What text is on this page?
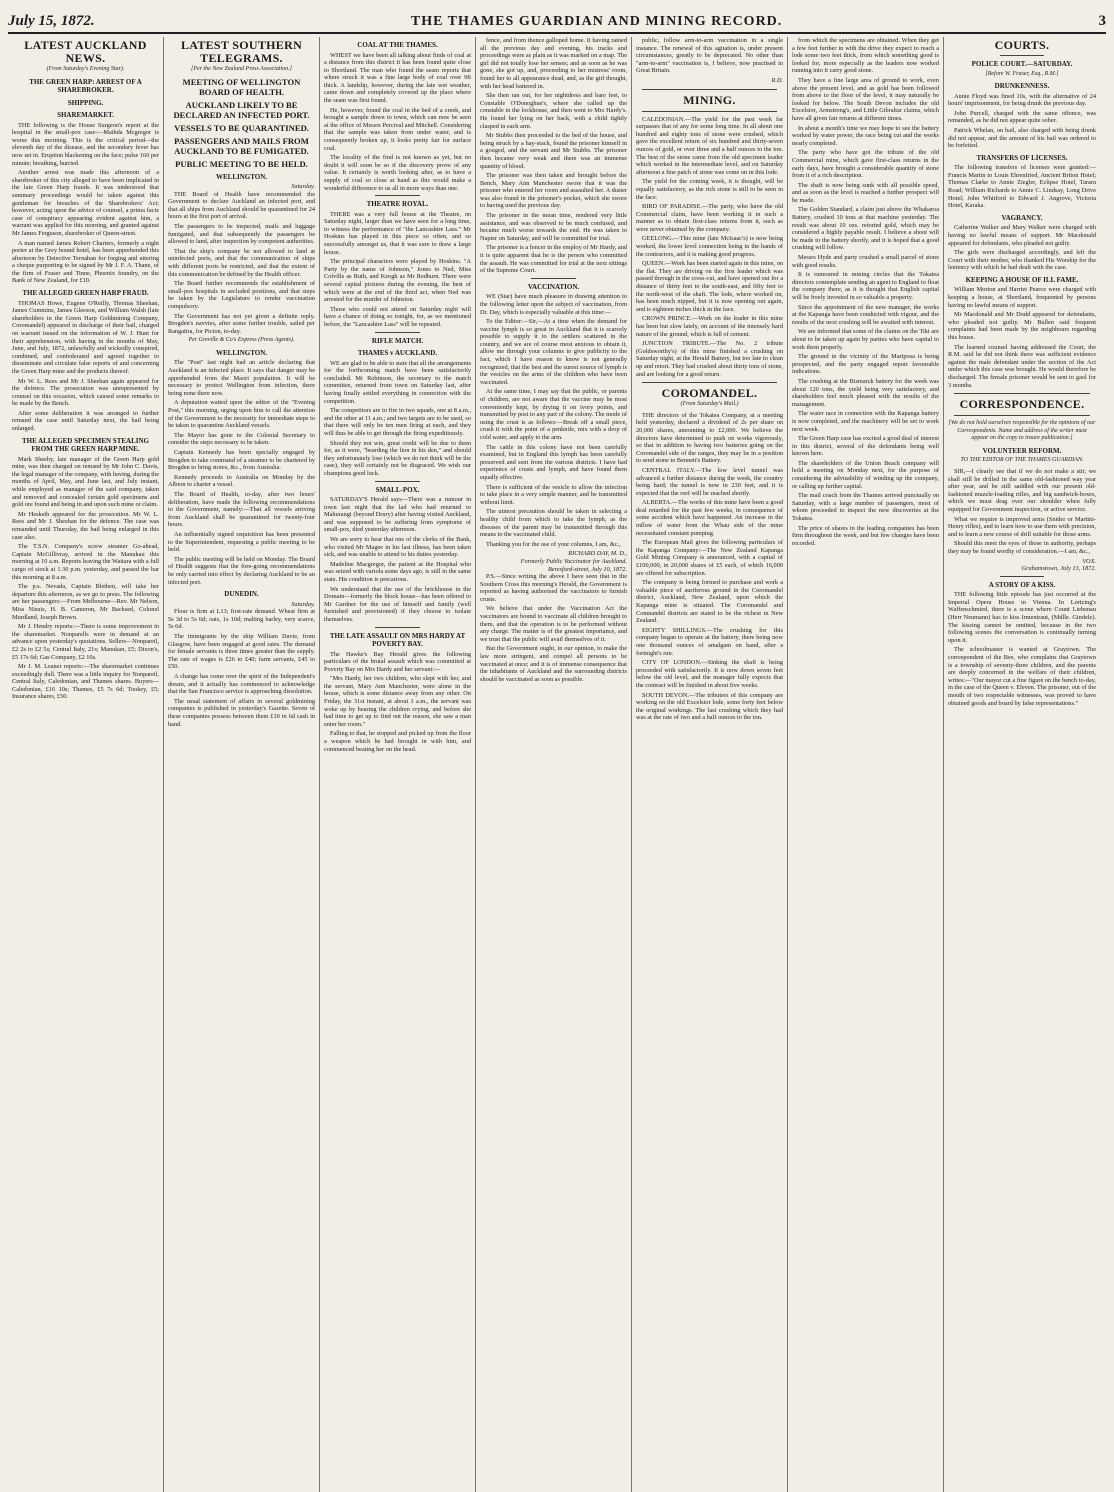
July 15, 1872.	THE THAMES GUARDIAN AND MINING RECORD.	3
LATEST AUCKLAND NEWS.
(From Saturday's Evening Star).
THE GREEN HARP: ARREST OF A SHAREBROKER.
SHIPPING.
SHAREMARKET.

THE following is the House Surgeon's report at the hospital in the small-pox case:—Mathda Mcgregor is worse this morning. This is the critical period—the eleventh day of the disease, and the secondary fever has now set in. Eruption blackening on the face; pulse 160 per minute; breathing, hurried.

Another arrest was made this afternoon of a sharebroker of this city alleged to have been implicated in the late Green Harp frauds. It was understood that summary proceedings would be taken against this gentleman for breaches of the Sharebrokers' Act; however, acting upon the advice of counsel, a prima facie case of conspiracy appearing evident against him, a warrant was applied for this morning, and granted against Mr James Ferguson, sharebroker of Queen-street.

A man named James Robert Charters, formerly a night porter at the Grey hound hotel, has been apprehended this afternoon by Detective Ternahan for forging and uttering a cheque purporting to be signed by Mr J. F. A. Thane, of the firm of Fraser and Tinne, Phoenix foundry, on the Bank of New Zealand, for £10.

THE ALLEGED GREEN HARP FRAUD.

THOMAS Howe, Eugene O'Reilly, Thomas Sheehan, James Cummins, James Gleeson, and William Walsh (late shareholders in the Green Harp Goldmining Company, Coromandel) appeared in discharge of their bail, charged on warrant issued on the information of W. J. Hunt for their apprehension, with having in the months of May, June, and July, 1872, unlawfully and wickedly conspired, combined, and confederated and agreed together to disseminate and circulate false reports of and concerning the Green Harp mine and the products thereof.

Mr W. L. Rees and Mr J. Sheehan again appeared for the defence. The prosecution was unrepresented by counsel on this occasion, which caused some remarks to be made by the Bench.

After some deliberation it was arranged to further remand the case until Saturday next, the bail being enlarged.

THE ALLEGED SPECIMEN STEALING FROM THE GREEN HARP MINE.

Mark Sheehy, late manager of the Green Harp gold mine, was then charged on remand by Mr John C. Davis, the legal manager of the company, with having, during the months of April, May, and June last, and July instant, while employed as manager of the said company, taken and removed and concealed certain gold specimens and gold ore found and being in and upon such mine or claim.

Mr Hesketh appeared for the prosecution. Mr W. L. Rees and Mr J. Sheehan for the defence. The case was remanded until Thursday, the bail being enlarged in this case also.

The T.S.N. Company's screw steamer Go-ahead, Captain McGillivray, arrived in the Manukau this morning at 10 a.m. Reports leaving the Waitara with a full cargo of stock at 1.30 p.m. yesterday, and passed the bar this morning at 8 a.m.

The p.s. Nevada, Captain Blethen, will take her departure this afternoon, as we go to press. The following are her passengers:—From Melbourne—Rev. Mr Nelson, Miss Nisuis, H. B. Cameron, Mr Backsed, Colonel Murdland, Joseph Brown.

Mr J. Hendry reports:—There is some improvement in the sharemarket. Nonparells were in demand at an advance upon yesterday's quotations. Sellers—Nonpareil, £2 2s to £2 5s; Central Italy, 21s; Manukan, £5; Dixon's, £5 17s 6d; Gas Company, £2 10s.

Mr J. M. Leaner reports:—The sharemarket continues exceedingly dull. There was a little inquiry for Nonpareil, Central Italy, Caledonian, and Thames shares. Buyers—Caledonian, £16 10s; Thames, £5 7s 6d; Tookey, £5; Insurance shares, £50.

LATEST SOUTHERN TELEGRAMS.
[Per the New Zealand Press Association.]
MEETING OF WELLINGTON BOARD OF HEALTH.
AUCKLAND LIKELY TO BE DECLARED AN INFECTED PORT.
VESSELS TO BE QUARANTINED.
PASSENGERS AND MAILS FROM AUCKLAND TO BE FUMIGATED.
PUBLIC MEETING TO BE HELD.
WELLINGTON.
Saturday.

THE Board of Health have recommended the Government to declare Auckland an infected port, and that all ships from Auckland should be quarantined for 24 hours at the first port of arrival.

The passengers to be inspected, mails and luggage fumigated, and that subsequently the passengers be allowed to land, after inspection by competent authorities.

That the ship's company be not allowed to land at uninfected ports, and that the communication of ships with different ports be restricted, and that the extent of this communication be defined by the Health officer.

The Board further recommends the establishment of small-pox hospitals in secluded positions, and that steps be taken by the Legislature to render vaccination compulsory.

The Government has not yet given a definite reply. Brogden's navvies, after some further trouble, sailed per Rangatira, for Picton, to-day.

Per Greville & Co's Express (Press Agents).
WELLINGTON.

The "Post" last night had an article declaring that Auckland is an infected place. It says that danger may be apprehended from the Maori population. It will be necessary to protect Wellington from infection, there being none there now.

A deputation waited upon the editor of the "Evening Post," this morning, urging upon him to call the attention of the Government to the necessity for immediate steps to be taken to quarantine Auckland vessels.

The Mayor has gone to the Colonial Secretary to consider the steps necessary to be taken.

Captain Kennedy has been specially engaged by Brogden to take command of a steamer to be chartered by Brogden to bring stores, &c., from Australia.

Kennedy proceeds to Australia on Monday by the Albion to charter a vessel.

The Board of Health, to-day, after two hours' deliberation, have made the following recommendations to the Government, namely:—That all vessels arriving from Auckland shall be quarantined for twenty-four hours.

An influentially signed requisition has been presented to the Superintendent, requesting a public meeting to be held.

The public meeting will be held on Monday. The Board of Health suggests that the fore-going recommendations be only carried into effect by declaring Auckland to be an infected port.

DUNEDIN.
Saturday.

Flour is firm at L13; first-rate demand. Wheat firm at 5s 3d to 5s 6d; oats, 1s 10d; malting barley, very scarce, 5s 6d.

The immigrants by the ship William Davie, from Glasgow, have been engaged at good rates. The demand for female servants is three times greater than the supply. The rate of wages is £26 to £40; farm servants, £45 to £50.

A change has come over the spirit of the Independent's dream, and it actually has commenced to acknowledge that the San Francisco service is approaching dissolution.

The usual statement of affairs in several goldmining companies is published in yesterday's Gazette. Seven of these companies possess between them £10 in 6d cash in hand.

COAL AT THE THAMES.

WHEST we have been all talking about finds of coal at a distance from this district it has been found quite close to Shortland. The man who found the seam reports that where struck it was a fine large body of coal over 9ft thick. A landslip, however, during the late wet weather, came down and completely covered up the place where the seam was first found.

He, however, found the coal in the bed of a creek, and brought a sample down to town, which can now be seen at the office of Messrs Percival and Mitchell. Considering that the sample was taken from under water, and is consequently broken up, it looks pretty fair for surface coal.

The locality of the find is not known as yet, but no doubt it will soon be so if the discovery prove of any value. It certainly is worth looking after, as to have a supply of coal so close at hand as this would make a wonderful difference to us all in more ways than one.

THEATRE ROYAL.

THERE was a very full house at the Theatre, on Saturday night, larger than we have seen for a long time, to witness the performance of "the Lancashire Lass." Mr Hoskins has played in this piece so often, and so successfully amongst us, that it was sure to draw a large house.

The principal characters were played by Hoskins. "A Party by the name of Johnson," Jones to Ned, Miss Colville as Ruth, and Keogh as Mr Redburn. There were several capital pictures during the evening, the best of which were at the end of the third act, when Ned was arrested for the murder of Johnston.

Those who could not attend on Saturday night will have a chance of doing so tonight, for, as we mentioned before, the "Lancashire Lass" will be repeated.

RIFLE MATCH.
THAMES v AUCKLAND.

WE are glad to be able to state that all the arrangements for the forthcoming match have been satisfactorily concluded. Mr Robinson, the secretary to the match committee, returned from town on Saturday last, after having finally settled everything in connection with the competition.

The competitors are to fire in two squads, one at 8 a.m., and the other at 11 a.m.; and two targets are to be used, so that there will only be ten men firing at each, and they will thus be able to get through the firing expeditiously.

Should they not win, great credit will be due to them for, as it were, "bearding the lion in his den," and should they unfortunately lose (which we do not think will be the case), they will certainly not be disgraced. We wish our champions good luck.

SMALL-POX.

SATURDAY'S Herald says—There was a rumour in town last night that the lad who had returned to Mahurangi (beyond Drury) after having visited Auckland, and was supposed to be suffering from symptoms of small-pox, died yesterday afternoon.

We are sorry to hear that one of the clerks of the Bank, who visited Mr Magee in his last illness, has been taken sick, and was unable to attend to his duties yesterday.

Madeline Macgregor, the patient at the Hospital who was seized with variola some days ago, is still in the same state. His condition is precarious.

We understand that the use of the brickhouse in the Domain—formerly the block house—has been offered to Mr Gardner for the use of himself and family (well furnished and provisioned) if they choose to isolate themselves.

THE LATE ASSAULT ON MRS HARDY AT POVERTY BAY.

The Hawke's Bay Herald gives the following particulars of the brutal assault which was committed at Poverty Bay on Mrs Hardy and her servant:—

"Mrs Hardy, her two children, who slept with her, and the servant, Mary Ann Manchester, were alone in the house, which is some distance away from any other. On Friday, the 31st instant, at about 1 a.m., the servant was woke up by hearing the children crying, and before she had time to get up to find out the reason, she saw a man enter her room."

Falling to that, he stopped and picked up from the floor a weapon which he had brought in with him, and commenced beating her on the head.

fence, and from thence galloped home. It having rained all the previous day and evening, his tracks and proceedings were as plain as it was marked on a map. The girl did not totally lose her senses; and as soon as he was gone, she got up, and, proceeding to her mistress' room, found her to all appearance dead, and, as the girl thought, with her head battered in.

She then ran out, for her nightdress and bare feet, to Constable O'Donoghue's, where she called up the constable in the lockhouse, and then went to Mrs Hardy's. He found her lying on her back, with a child tightly clasped in each arm.

Mr Stubbs then proceeded to the bed of the house, and being struck by a hay-stack, found the prisoner himself in a gouged, and the servant and Mr Stubbs. The prisoner then became very weak and there was an immense quantity of blood.

The prisoner was then taken and brought before the Bench, Mary Ann Manchester swore that it was the prisoner who entered her room and assaulted her. A duster was also found in the prisoner's pocket, which she swore to having used the previous day.

The prisoner in the mean time, rendered very little assistance, and was observed to be much confused, and became much worse towards the end. He was taken to Napier on Saturday, and will be committed for trial.

The prisoner is a fencer in the employ of Mr Hardy, and it is quite apparent that he is the person who committed the assault. He was committed for trial at the next sittings of the Supreme Court.

VACCINATION.

WE (Star) have much pleasure in drawing attention to the following letter upon the subject of vaccination, from Dr. Day, which is especially valuable at this time:—

To the Editor:—Sir,—At a time when the demand for vaccine lymph is so great in Auckland that it is scarcely possible to supply it to the settlers scattered in the country, and we are of course most anxious to obtain it, allow me through your columns to give publicity to the fact, which I have reason to know is not generally recognized, that the best and the surest source of lymph is the vesicles on the arms of the children who have been vaccinated.

At the same time, I may say that the public, or parents of children, are not aware that the vaccine may be most conveniently kept, by drying it on ivory points, and transmitted by post to any part of the colony. The mode of using the crust is as follows:—Break off a small piece, crush it with the point of a penknife, mix with a drop of cold water, and apply to the arm.

The cattle in this colony have not been carefully examined, but in England this lymph has been carefully preserved and sent from the various districts. I have had experience of crusts and lymph, and have found them equally effective.

There is sufficient of the vesicle to allow the infection to take place in a very simple manner, and be transmitted without limit.

The utmost precaution should be taken in selecting a healthy child from which to take the lymph, as the diseases of the parent may be transmitted through this means to the vaccinated child.

Thanking you for the use of your columns, I am, &c.,

RICHARD DAY, M. D.,
Formerly Public Vaccinator for Auckland.
Beresford-street, July 10, 1872.

P.S.—Since writing the above I have seen that in the Southern Cross this morning's Herald, the Government is reported as having authorised the vaccinators to furnish crusts.

We believe that under the Vaccination Act the vaccinators are bound to vaccinate all children brought to them, and that the operation is to be performed without any charge. The matter is of the greatest importance, and we trust that the public will avail themselves of it.

But the Government ought, in our opinion, to make the law more stringent, and compel all persons to be vaccinated at once; and it is of immense consequence that the inhabitants of Auckland and the surrounding districts should be vaccinated as soon as possible.

public, follow arm-to-arm vaccination in a single instance. The renewal of this agitation is, under present circumstances, greatly to be deprecated. No other than "arm-to-arm" vaccination is, I believe, now practised in Great Britain.

R.D.
MINING.

CALEDONIAN.—The yield for the past week far surpasses that of any for some long time. In all about one hundred and eighty tons of stone were crushed, which gave the excellent return of six hundred and thirty-seven ounces of gold, or over three and a half ounces to the ton. The best of the stone came from the old specimen leader which worked in the intermediate level, and on Saturday afternoon a fine patch of stone was come on in this lode.

The yield for the coming week, it is thought, will be equally satisfactory, as the rich stone is still to be seen in the face.

BIRD OF PARADISE.—The party, who have the old Commercial claim, have been working it in such a manner as to obtain first-class returns from it, such as were never obtained by the company.

GEELONG.—This mine (late McIsaac's) is now being worked, the lower level connection being in the hands of the contractors, and it is making good progress.

QUEEN.—Work has been started again in this mine, on the flat. They are driving on the first leader which was passed through in the cross-cut, and have opened out for a distance of thirty feet to the south-east, and fifty feet to the north-west of the shaft. The lode, where worked on, has been much nipped, but it is now opening out again, and is eighteen inches thick in the face.

CROWN PRINCE.—Work on the leader in this mine has been but slow lately, on account of the intensely hard nature of the ground, which is full of cement.

JUNCTION TRIBUTE.—The No. 2 tribute (Goldsworthy's) of this mine finished a crushing on Saturday night, at the Herald Battery, but too late to clean up and retort. They had crushed about thirty tons of stone, and are looking for a good return.

COROMANDEL.
(From Saturday's Mail.)

THE directors of the Tokatea Company, at a meeting held yesterday, declared a dividend of 2s per share on 20,000 shares, amounting to £2,000. We believe the directors have determined to push on works vigorously, so that in addition to having two batteries going on the Coromandel side of the ranges, they may be in a position to send stone to Bennett's Battery.

CENTRAL ITALY.—The low level tunnel was advanced a further distance during the week, the country being hard; the tunnel is now in 230 feet, and it is expected that the reef will be reached shortly.

ALBERTA.—The works of this mine have been a good deal retarded for the past few weeks, in consequence of some accident which have happened. An increase in the inflow of water from the Whau side of the mine necessitated constant pumping.

The European Mail gives the following particulars of the Kapanga Company:—The New Zealand Kapanga Gold Mining Company is announced, with a capital of £100,000, in 20,000 shares of £5 each, of which 16,000 are offered for subscription.

The company is being formed to purchase and work a valuable piece of auriferous ground in the Coromandel district, Auckland, New Zealand, upon which the Kapanga mine is situated. The Coromandel and Comnandel districts are stated to be the richest in New Zealand.

EIGHTY SHILLINGS.—The crushing for this company began to operate at the battery, there being now one thousand ounces of amalgam on hand, after a fortnight's run.

CITY OF LONDON.—Sinking the shaft is being proceeded with satisfactorily. It is now down seven feet below the old level, and the manager fully expects that the contract will be finished in about five weeks.

SOUTH DEVON.—The tributers of this company are working on the old Excelsior lode, some forty feet below the original workings. The last crushing which they had was at the rate of two and a half ounces to the ton.

from which the specimens are obtained. When they get a few feet further in with the drive they expect to reach a lode some two feet thick, from which something good is looked for, more especially as the leaders now worked running into it carry good stone.

They have a fine large area of ground to work, even above the present level, and as gold has been followed from above to the floor of the level, it may naturally be looked for below. The South Devon includes the old Excelsior, Armstrong's, and Little Gibraltar claims, which have all given fair returns at different times.

In about a month's time we may hope to see the battery worked by water power, the race being cut and the works nearly completed.

The party who have got the tribute of the old Commercial mine, which gave first-class returns in the early days, have brought a considerable quantity of stone from it of a rich description.

The shaft is now being sunk with all possible speed, and as soon as the level is reached a further prospect will be made.

The Golden Standard, a claim just above the Whakaroa Battery, crushed 10 tons at that machine yesterday. The result was about 10 ozs. retorted gold, which may be considered a highly payable result. I believe a shoot will be made to the battery shortly, and it is hoped that a good crushing will follow.

Messrs Hyde and party crushed a small parcel of stone with good results.

It is rumoured in mining circles that the Tokatea directors contemplate sending an agent to England to float the company there, as it is thought that English capital will be freely invested in so valuable a property.

Since the appointment of the new manager, the works at the Kapanga have been conducted with vigour, and the results of the next crushing will be awaited with interest.

We are informed that some of the claims on the Tiki are about to be taken up again by parties who have capital to work them properly.

The ground in the vicinity of the Mariposa is being prospected, and the party engaged report favourable indications.

The crushing at the Bismarck battery for the week was about 120 tons, the yield being very satisfactory, and shareholders feel much pleased with the results of the management.

The water race in connection with the Kapanga battery is now completed, and the machinery will be set to work next week.

The Green Harp case has excited a good deal of interest in this district, several of the defendants being well known here.

The shareholders of the Union Beach company will hold a meeting on Monday next, for the purpose of considering the advisability of winding up the company, or calling up further capital.

The mail coach from the Thames arrived punctually on Saturday, with a large number of passengers, most of whom proceeded to inspect the new discoveries at the Tokatea.

The price of shares in the leading companies has been firm throughout the week, and but few changes have been recorded.

COURTS.
POLICE COURT.—SATURDAY.
[Before W. Fraser, Esq., R.M.]
DRUNKENNESS.

Annie Floyd was fined 10s, with the alternative of 24 hours' imprisonment, for being drunk the previous day.

John Purcell, charged with the same offence, was remanded, as he did not appear quite sober.

Patrick Whelan, on bail, also charged with being drunk did not appear, and the amount of his bail was ordered to be forfeited.

TRANSFERS OF LICENSES.

The following transfers of licenses were granted:—Francis Martin to Louis Ehrenfried, Ancient Briton Hotel; Thomas Clarke to Annie Ziegler, Eclipse Hotel, Tararu Road; William Richards to Annie C. Lindsay, Long Drive Hotel; John Whitford to Edward J. Angrove, Victoria Hotel, Karaka.

VAGRANCY.

Catherine Walker and Mary Walker were charged with having no lawful means of support. Mr Macdonald appeared for defendants, who pleaded not guilty.

The girls were discharged accordingly, and left the Court with their mother, who thanked His Worship for the leniency with which he had dealt with the case.

KEEPING A HOUSE OF ILL FAME.

William Morton and Harriet Pearce were charged with keeping a house, at Shortland, frequented by persons having no lawful means of support.

Mr Macdonald and Mr Dodd appeared for defendants, who pleaded not guilty. Mr Bullen said frequent complaints had been made by the neighbours regarding this house.

The learned counsel having addressed the Court, the R.M. said he did not think there was sufficient evidence against the male defendant under the section of the Act under which this case was brought. He would therefore be discharged. The female prisoner would be sent to gaol for 3 months.

CORRESPONDENCE.
[We do not hold ourselves responsible for the opinions of our Correspondents. Name and address of the writer must appear on the copy to insure publication.]
VOLUNTEER REFORM.
TO THE EDITOR OF THE THAMES GUARDIAN.

SIR,—I clearly see that if we do not make a stir, we shall still be drilled in the same old-fashioned way year after year, and be still saddled with our present old-fashioned muzzle-loading rifles, and big sandwich-boxes, which we must drag over our shoulder when fully equipped for Government inspection, or active service.

What we require is improved arms (Snider or Martini-Henry rifles), and to learn how to use them with precision, and to learn a new course of drill suitable for those arms.

Should this meet the eyes of those in authority, perhaps they may be found worthy of consideration.—I am, &c.,

VOX.
Grahamstown, July 13, 1872.
A STORY OF A KISS.

THE following little episode has just occurred at the Imperial Opera House in Vienna. In Lortzing's Waffenschmied, there is a scene where Count Liebenau (Herr Neumann) has to kiss Irmentraut, (Mdlle. Gindele). The kissing cannot be omitted, because in the two following scenes the conversation is continually turning upon it.

The schoolmaster is wanted at Graytown. The correspondent of the Bee, who complains that Graytown is a township of seventy-three children, and the parents are deeply concerned in the welfare of their children, writes:—"Our mayor cut a fine figure on the bench to-day, in the case of the Queen v. Eleven. The prisoner, out of the mouth of two respectable witnesses, was proved to have obtained goods and board by false representations."
